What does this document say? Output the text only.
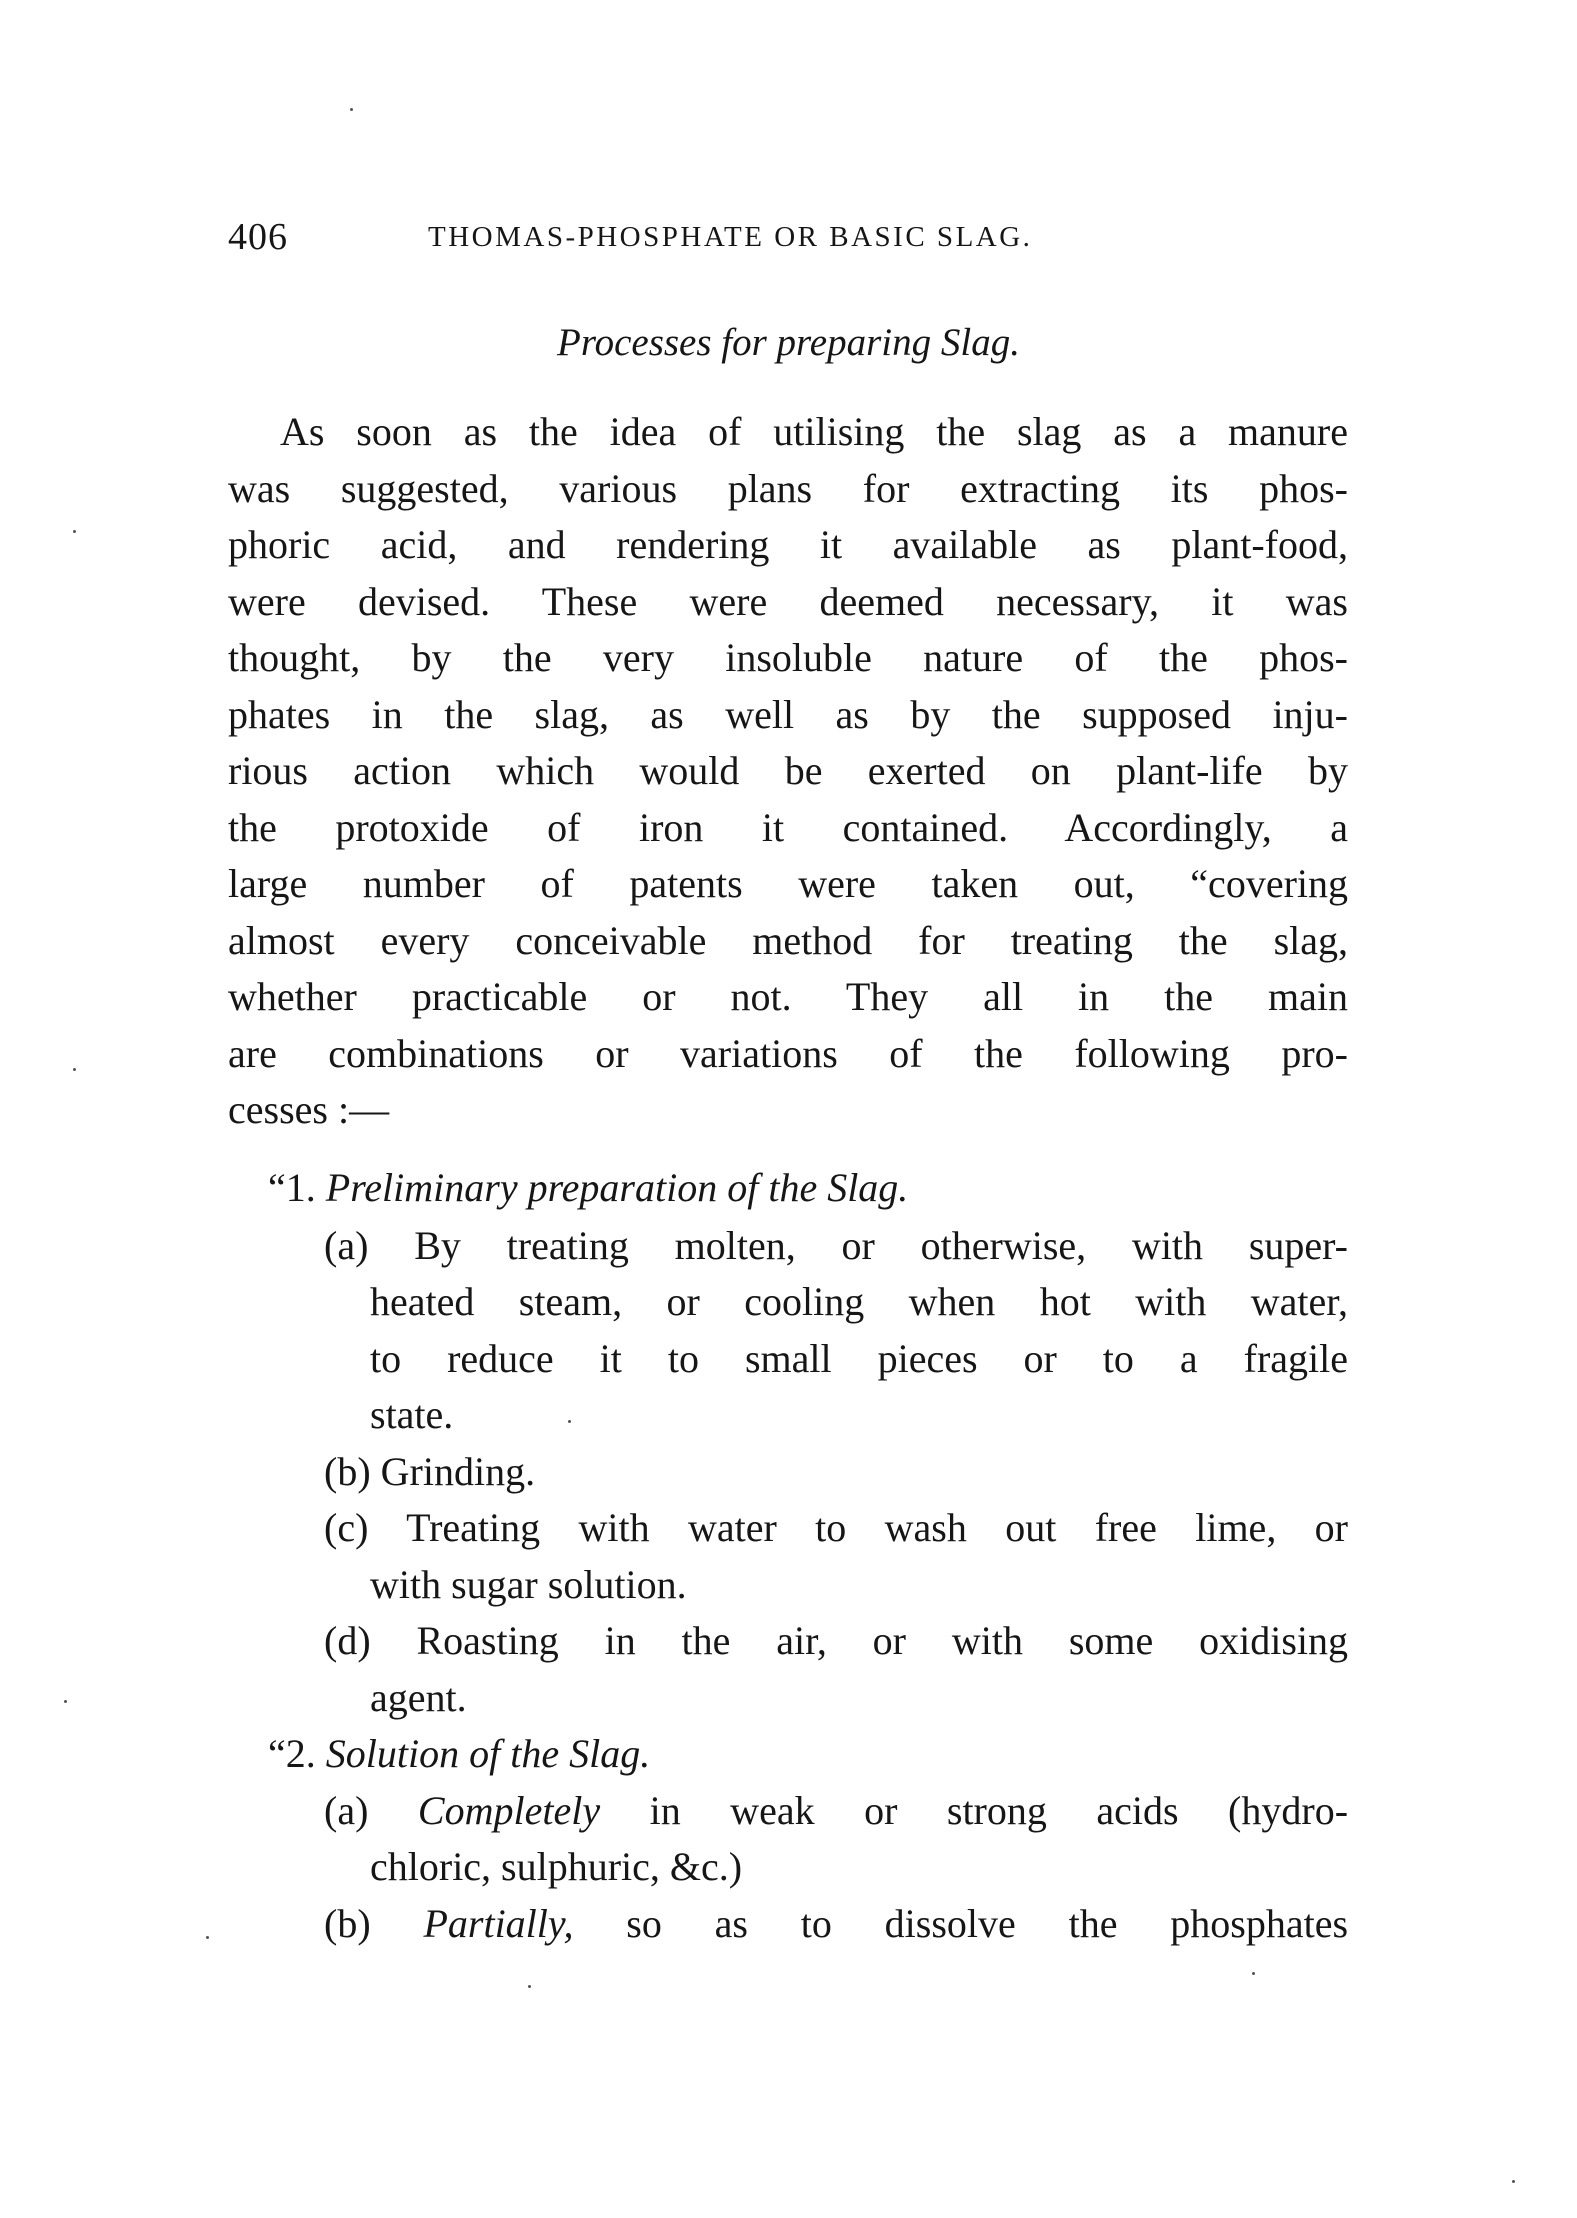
406	THOMAS-PHOSPHATE OR BASIC SLAG.
Processes for preparing Slag.
As soon as the idea of utilising the slag as a manure
was suggested, various plans for extracting its phos-
phoric acid, and rendering it available as plant-food,
were devised. These were deemed necessary, it was
thought, by the very insoluble nature of the phos-
phates in the slag, as well as by the supposed inju-
rious action which would be exerted on plant-life by
the protoxide of iron it contained. Accordingly, a
large number of patents were taken out, “covering
almost every conceivable method for treating the slag,
whether practicable or not. They all in the main
are combinations or variations of the following pro-
cesses :—
“1. Preliminary preparation of the Slag.
(a) By treating molten, or otherwise, with super-
heated steam, or cooling when hot with water,
to reduce it to small pieces or to a fragile
state.
(b) Grinding.
(c) Treating with water to wash out free lime, or
with sugar solution.
(d) Roasting in the air, or with some oxidising
agent.
“2. Solution of the Slag.
(a) Completely in weak or strong acids (hydro-
chloric, sulphuric, &c.)
(b) Partially, so as to dissolve the phosphates
